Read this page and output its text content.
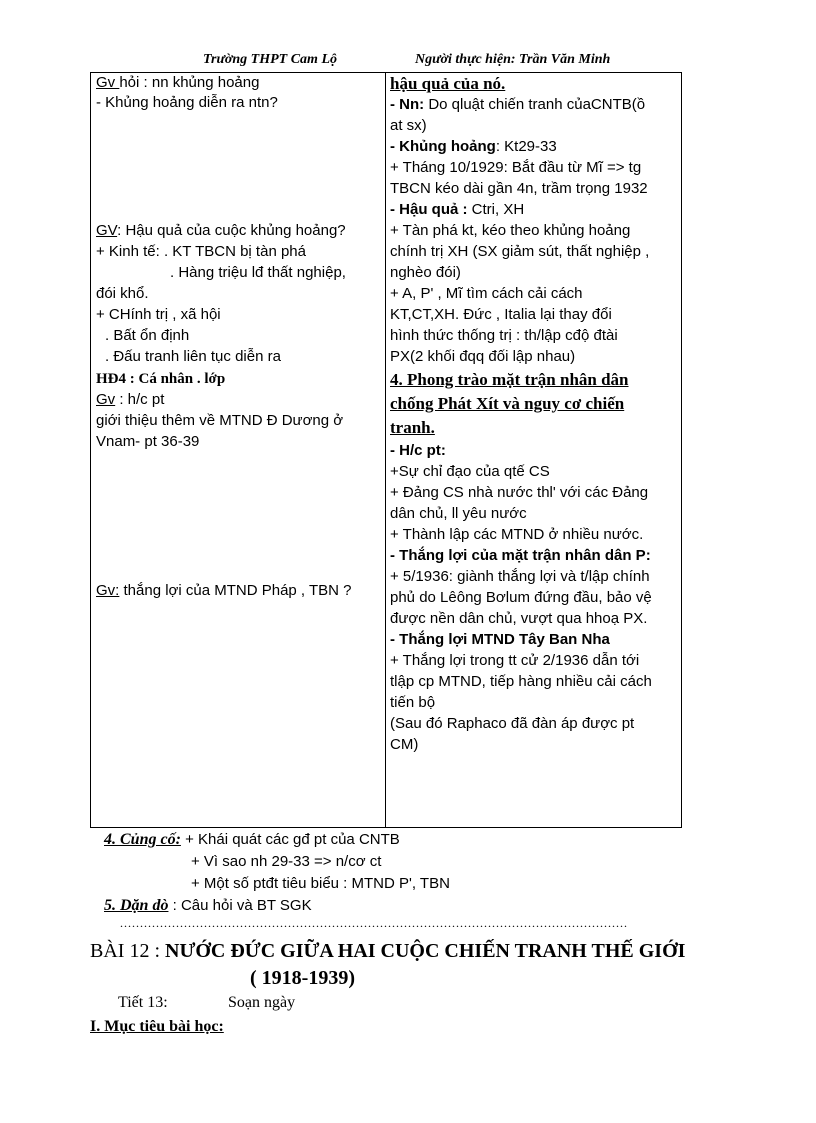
Trường THPT Cam Lộ	Người thực hiện: Trần Văn Minh
Gv hỏi : nn khủng hoảng
- Khủng hoảng diễn ra ntn?
GV: Hậu quả của cuộc khủng hoảng?
+ Kinh tế: . KT TBCN bị tàn phá
. Hàng triệu lđ thất nghiệp,
đói khổ.
+ CHính trị , xã hội
. Bất ổn định
. Đấu tranh liên tục diễn ra
HĐ4 : Cá nhân . lớp
Gv : h/c pt
giới thiệu thêm về MTND Đ Dương ở
Vnam- pt 36-39
Gv: thắng lợi của MTND Pháp , TBN ?

hậu quả của nó.
- Nn: Do qluật chiến tranh củaCNTB(ồ
at sx)
- Khủng hoảng: Kt29-33
+ Tháng 10/1929: Bắt đầu từ Mĩ => tg
TBCN kéo dài gần 4n, trầm trọng 1932
- Hậu quả : Ctri, XH
+ Tàn phá kt, kéo theo khủng hoảng
chính trị XH (SX giảm sút, thất nghiệp ,
nghèo đói)
+ A, P' , Mĩ tìm cách cải cách
KT,CT,XH. Đức , Italia lại thay đổi
hình thức thống trị : th/lập cđộ đtài
PX(2 khối đqq đối lập nhau)
4. Phong trào mặt trận nhân dân
chống Phát Xít và nguy cơ chiến
tranh.
- H/c pt:
+Sự chỉ đạo của qtế CS
+ Đảng CS nhà nước thl' với các Đảng
dân chủ, ll yêu nước
+ Thành lập các MTND ở nhiều nước.
- Thắng lợi của mặt trận nhân dân P:
+ 5/1936: giành thắng lợi và t/lập chính
phủ do Lêông Bơlum đứng đầu, bảo vệ
được nền dân chủ, vượt qua hhoạ PX.
- Thắng lợi MTND Tây Ban Nha
+ Thắng lợi trong tt cử 2/1936 dẫn tới
tlập cp MTND, tiếp hàng nhiều cải cách
tiến bộ
(Sau đó Raphaco đã đàn áp được pt
CM)
4. Củng cố: + Khái quát các gđ pt của CNTB
+ Vì sao nh 29-33 => n/cơ ct
+ Một số ptđt tiêu biểu : MTND P', TBN
5. Dặn dò : Câu hỏi và BT SGK
...............................................................................................................................
BÀI 12 : NƯỚC ĐỨC GIỮA HAI CUỘC CHIẾN TRANH THẾ GIỚI
( 1918-1939)
Tiết 13:	Soạn ngày
I. Mục tiêu bài học:
